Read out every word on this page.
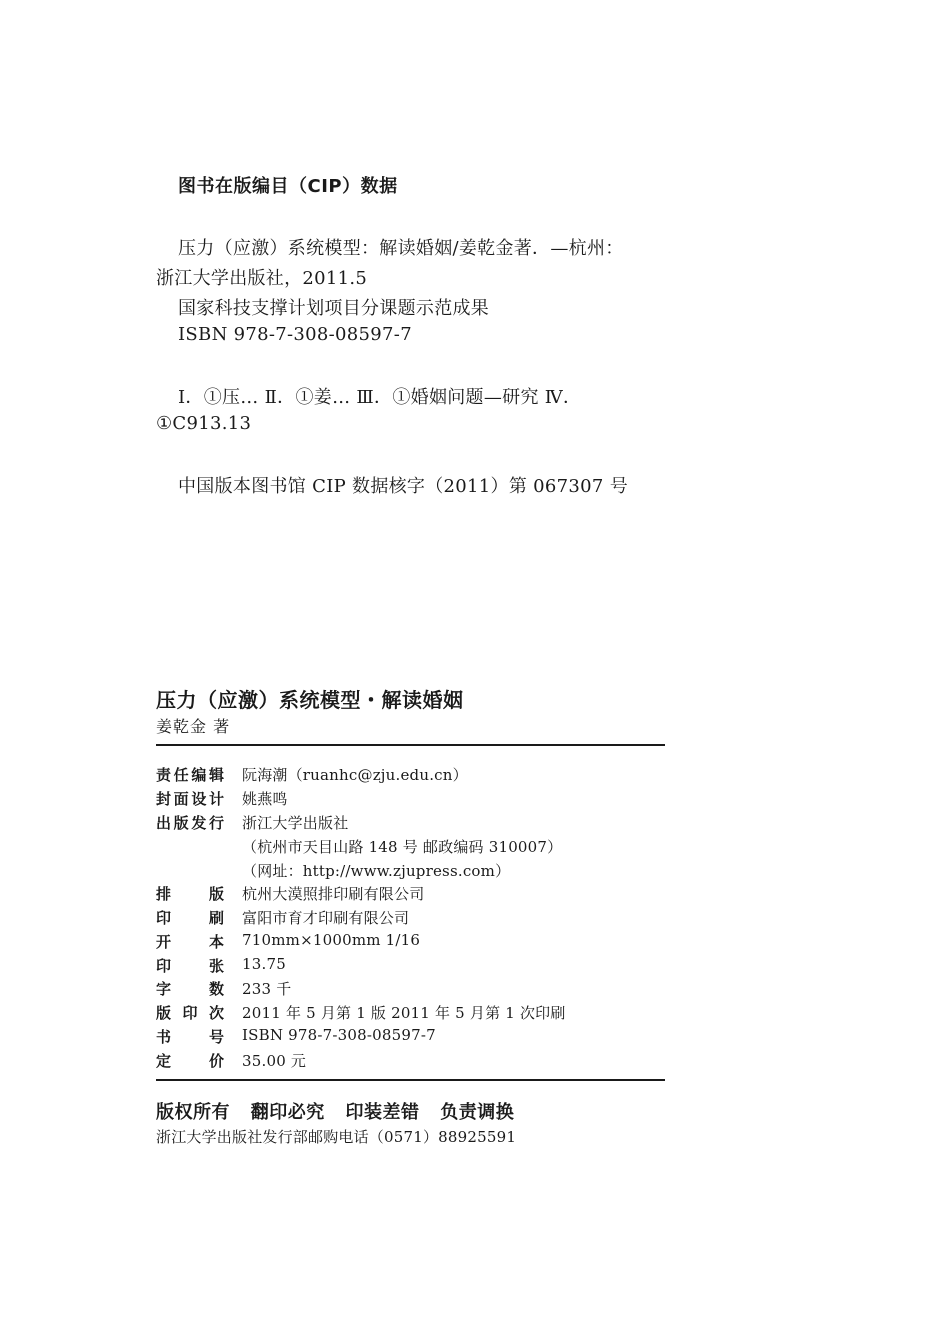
图书在版编目（CIP）数据
压力（应激）系统模型：解读婚姻/姜乾金著．—杭州：
浙江大学出版社，2011.5
国家科技支撑计划项目分课题示范成果
ISBN 978-7-308-08597-7
Ⅰ．①压… Ⅱ．①姜… Ⅲ．①婚姻问题—研究 Ⅳ．
①C913.13
中国版本图书馆 CIP 数据核字（2011）第 067307 号
压力（应激）系统模型・解读婚姻
姜乾金 著
责任编辑 阮海潮（ruanhc@zju.edu.cn）
封面设计 姚燕鸣
出版发行 浙江大学出版社
（杭州市天目山路 148 号 邮政编码 310007）
（网址：http://www.zjupress.com）
排版 杭州大漠照排印刷有限公司
印刷 富阳市育才印刷有限公司
开本 710mm×1000mm 1/16
印张 13.75
字数 233 千
版印次 2011 年 5 月第 1 版 2011 年 5 月第 1 次印刷
书号 ISBN 978-7-308-08597-7
定价 35.00 元
版权所有 翻印必究 印装差错 负责调换
浙江大学出版社发行部邮购电话（0571）88925591
